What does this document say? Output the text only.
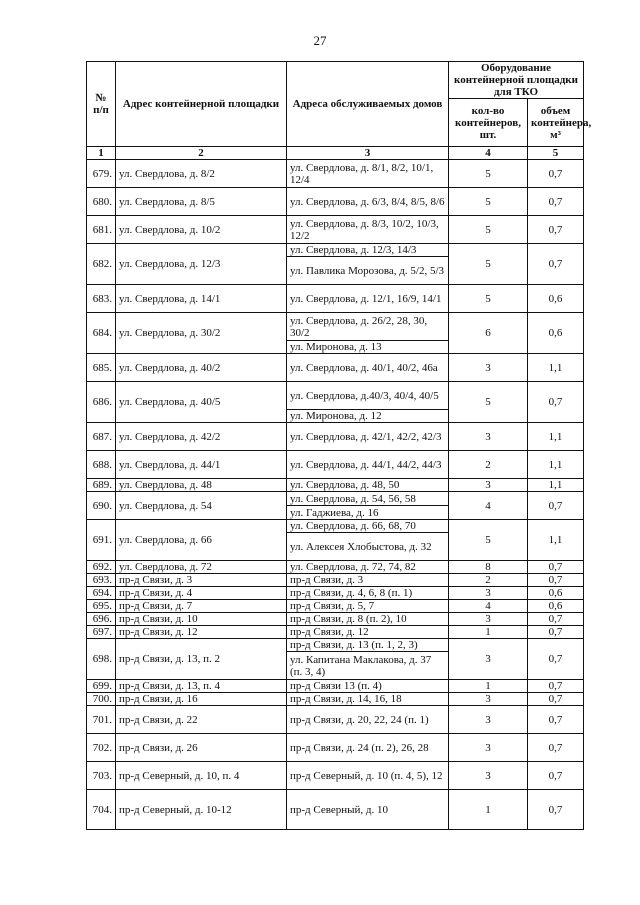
27
№ п/п	Адрес контейнерной площадки	Адреса обслуживаемых домов	Оборудование контейнерной площадки для ТКО	
			кол-во контейнеров, шт.	объем контейнера, м³
1	2	3	4	5
679.	ул. Свердлова, д. 8/2	ул. Свердлова, д. 8/1, 8/2, 10/1, 12/4	5	0,7
680.	ул. Свердлова, д. 8/5	ул. Свердлова, д. 6/3, 8/4, 8/5, 8/6	5	0,7
681.	ул. Свердлова, д. 10/2	ул. Свердлова, д. 8/3, 10/2, 10/3, 12/2	5	0,7
682.	ул. Свердлова, д. 12/3	ул. Свердлова, д. 12/3, 14/3	5	0,7
		ул. Павлика Морозова, д. 5/2, 5/3		
683.	ул. Свердлова, д. 14/1	ул. Свердлова, д. 12/1, 16/9, 14/1	5	0,6
684.	ул. Свердлова, д. 30/2	ул. Свердлова, д. 26/2, 28, 30, 30/2	6	0,6
		ул. Миронова, д. 13		
685.	ул. Свердлова, д. 40/2	ул. Свердлова, д. 40/1, 40/2, 46а	3	1,1
686.	ул. Свердлова, д. 40/5	ул. Свердлова, д.40/3, 40/4, 40/5	5	0,7
		ул. Миронова, д. 12		
687.	ул. Свердлова, д. 42/2	ул. Свердлова, д. 42/1, 42/2, 42/3	3	1,1
688.	ул. Свердлова, д. 44/1	ул. Свердлова, д. 44/1, 44/2, 44/3	2	1,1
689.	ул. Свердлова, д. 48	ул. Свердлова, д. 48, 50	3	1,1
690.	ул. Свердлова, д. 54	ул. Свердлова, д. 54, 56, 58	4	0,7
		ул. Гаджиева, д. 16		
691.	ул. Свердлова, д. 66	ул. Свердлова, д. 66, 68, 70	5	1,1
		ул. Алексея Хлобыстова, д. 32		
692.	ул. Свердлова, д. 72	ул. Свердлова, д. 72, 74, 82	8	0,7
693.	пр-д Связи, д. 3	пр-д Связи, д. 3	2	0,7
694.	пр-д Связи, д. 4	пр-д Связи, д. 4, 6, 8 (п. 1)	3	0,6
695.	пр-д Связи, д. 7	пр-д Связи, д. 5, 7	4	0,6
696.	пр-д Связи, д. 10	пр-д Связи, д. 8 (п. 2), 10	3	0,7
697.	пр-д Связи, д. 12	пр-д Связи, д. 12	1	0,7
698.	пр-д Связи, д. 13, п. 2	пр-д Связи, д. 13 (п. 1, 2, 3)	3	0,7
		ул. Капитана Маклакова, д. 37 (п. 3, 4)		
699.	пр-д Связи, д. 13, п. 4	пр-д Связи 13 (п. 4)	1	0,7
700.	пр-д Связи, д. 16	пр-д Связи, д. 14, 16, 18	3	0,7
701.	пр-д Связи, д. 22	пр-д Связи, д. 20, 22, 24 (п. 1)	3	0,7
702.	пр-д Связи, д. 26	пр-д Связи, д. 24 (п. 2), 26, 28	3	0,7
703.	пр-д Северный, д. 10, п. 4	пр-д Северный, д. 10 (п. 4, 5), 12	3	0,7
704.	пр-д Северный, д. 10-12	пр-д Северный, д. 10	1	0,7
